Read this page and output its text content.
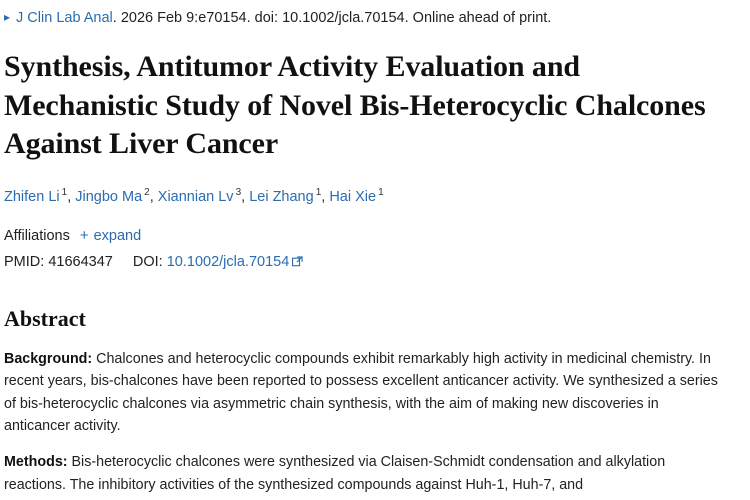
▸ J Clin Lab Anal. 2026 Feb 9:e70154. doi: 10.1002/jcla.70154. Online ahead of print.
Synthesis, Antitumor Activity Evaluation and Mechanistic Study of Novel Bis-Heterocyclic Chalcones Against Liver Cancer
Zhifen Li $^1$, Jingbo Ma $^2$, Xiannian Lv $^3$, Lei Zhang $^1$, Hai Xie $^1$
Affiliations + expand
PMID: 41664347 DOI: 10.1002/jcla.70154
Abstract

Background: Chalcones and heterocyclic compounds exhibit remarkably high activity in medicinal chemistry. In recent years, bis-chalcones have been reported to possess excellent anticancer activity. We synthesized a series of bis-heterocyclic chalcones via asymmetric chain synthesis, with the aim of making new discoveries in anticancer activity.

Methods: Bis-heterocyclic chalcones were synthesized via Claisen-Schmidt condensation and alkylation reactions. The inhibitory activities of the synthesized compounds against Huh-1, Huh-7, and
